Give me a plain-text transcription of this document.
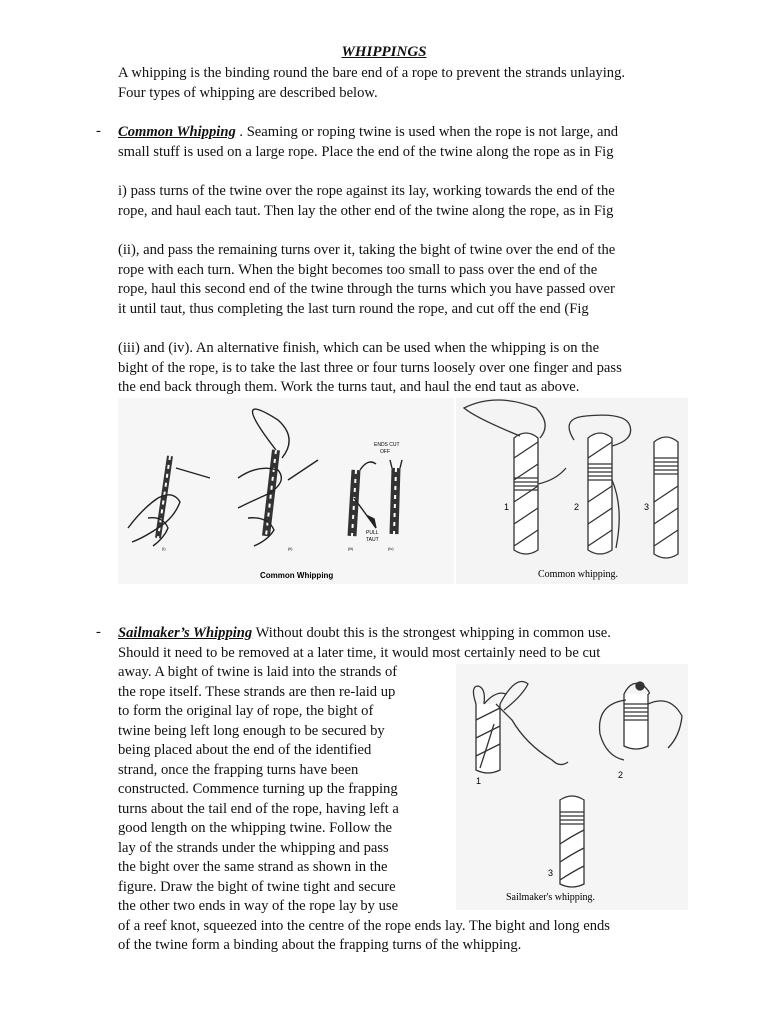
WHIPPINGS
A whipping is the binding round the bare end of a rope to prevent the strands unlaying.
Four types of whipping are described below.
- Common Whipping . Seaming or roping twine is used when the rope is not large, and
small stuff is used on a large rope. Place the end of the twine along the rope as in Fig
i) pass turns of the twine over the rope against its lay, working towards the end of the
rope, and haul each taut. Then lay the other end of the twine along the rope, as in Fig
(ii), and pass the remaining turns over it, taking the bight of twine over the end of the
rope with each turn. When the bight becomes too small to pass over the end of the
rope, haul this second end of the twine through the turns which you have passed over
it until taut, thus completing the last turn round the rope, and cut off the end (Fig
(iii) and (iv). An alternative finish, which can be used when the whipping is on the
bight of the rope, is to take the last three or four turns loosely over one finger and pass
the end back through them. Work the turns taut, and haul the end taut as above.
ENDS CUT
OFF
PULL
TAUT
(i)	(ii)	(iii)	(iv)
Common Whipping
1	2	3
Common whipping.
- Sailmaker’s Whipping Without doubt this is the strongest whipping in common use.
Should it need to be removed at a later time, it would most certainly need to be cut
away. A bight of twine is laid into the strands of
the rope itself. These strands are then re-laid up
to form the original lay of rope, the bight of
twine being left long enough to be secured by
being placed about the end of the identified
strand, once the frapping turns have been
constructed. Commence turning up the frapping
turns about the tail end of the rope, having left a
good length on the whipping twine. Follow the
lay of the strands under the whipping and pass
the bight over the same strand as shown in the
figure. Draw the bight of twine tight and secure
the other two ends in way of the rope lay by use
of a reef knot, squeezed into the centre of the rope ends lay. The bight and long ends
of the twine form a binding about the frapping turns of the whipping.
1
2
3
Sailmaker's whipping.
